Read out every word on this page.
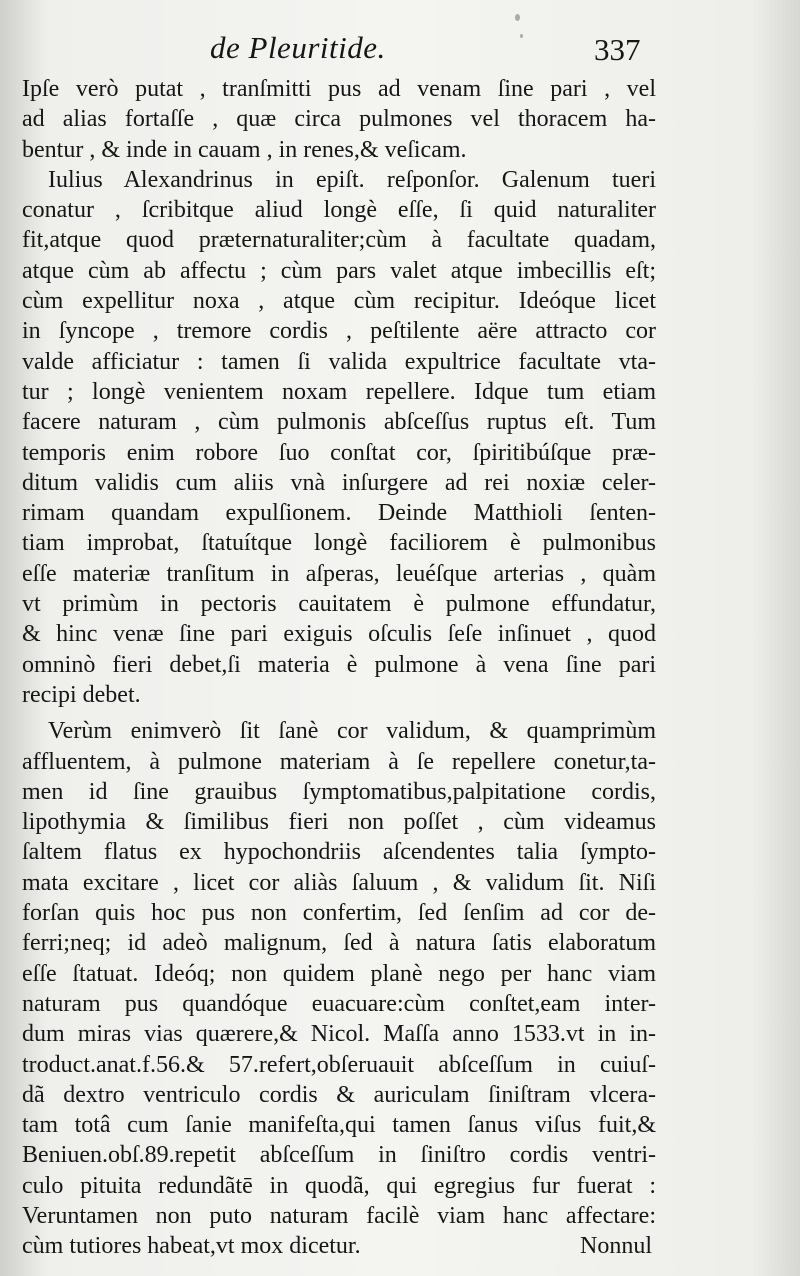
de Pleuritide.	337
Ipſe verò putat , tranſmitti pus ad venam ſine pari , vel
ad alias fortaſſe , quæ circa pulmones vel thoracem ha-
bentur , & inde in cauam , in renes,& veſicam.
Iulius Alexandrinus in epiſt. reſponſor. Galenum tueri
conatur , ſcribitque aliud longè eſſe, ſi quid naturaliter
fit,atque quod præternaturaliter;cùm à facultate quadam,
atque cùm ab affectu ; cùm pars valet atque imbecillis eſt;
cùm expellitur noxa , atque cùm recipitur. Ideóque licet
in ſyncope , tremore cordis , peſtilente aëre attracto cor
valde afficiatur : tamen ſi valida expultrice facultate vta-
tur ; longè venientem noxam repellere. Idque tum etiam
facere naturam , cùm pulmonis abſceſſus ruptus eſt. Tum
temporis enim robore ſuo conſtat cor, ſpiritibúſque præ-
ditum validis cum aliis vnà inſurgere ad rei noxiæ celer-
rimam quandam expulſionem. Deinde Matthioli ſenten-
tiam improbat, ſtatuítque longè faciliorem è pulmonibus
eſſe materiæ tranſitum in aſperas, leuéſque arterias , quàm
vt primùm in pectoris cauitatem è pulmone effundatur,
& hinc venæ ſine pari exiguis oſculis ſeſe inſinuet , quod
omninò fieri debet,ſi materia è pulmone à vena ſine pari
recipi debet.
Verùm enimverò ſit ſanè cor validum, & quamprimùm
affluentem, à pulmone materiam à ſe repellere conetur,ta-
men id ſine grauibus ſymptomatibus,palpitatione cordis,
lipothymia & ſimilibus fieri non poſſet , cùm videamus
ſaltem flatus ex hypochondriis aſcendentes talia ſympto-
mata excitare , licet cor aliàs ſaluum , & validum ſit. Niſi
forſan quis hoc pus non confertim, ſed ſenſim ad cor de-
ferri;neq; id adeò malignum, ſed à natura ſatis elaboratum
eſſe ſtatuat. Ideóq; non quidem planè nego per hanc viam
naturam pus quandóque euacuare:cùm conſtet,eam inter-
dum miras vias quærere,& Nicol. Maſſa anno 1533.vt in in-
troduct.anat.f.56.& 57.refert,obſeruauit abſceſſum in cuiuſ-
dã dextro ventriculo cordis & auriculam ſiniſtram vlcera-
tam totâ cum ſanie manifeſta,qui tamen ſanus viſus fuit,&
Beniuen.obſ.89.repetit abſceſſum in ſiniſtro cordis ventri-
culo pituita redundãtē in quodã, qui egregius fur fuerat :
Veruntamen non puto naturam facilè viam hanc affectare:
cùm tutiores habeat,vt mox dicetur.	Nonnul
